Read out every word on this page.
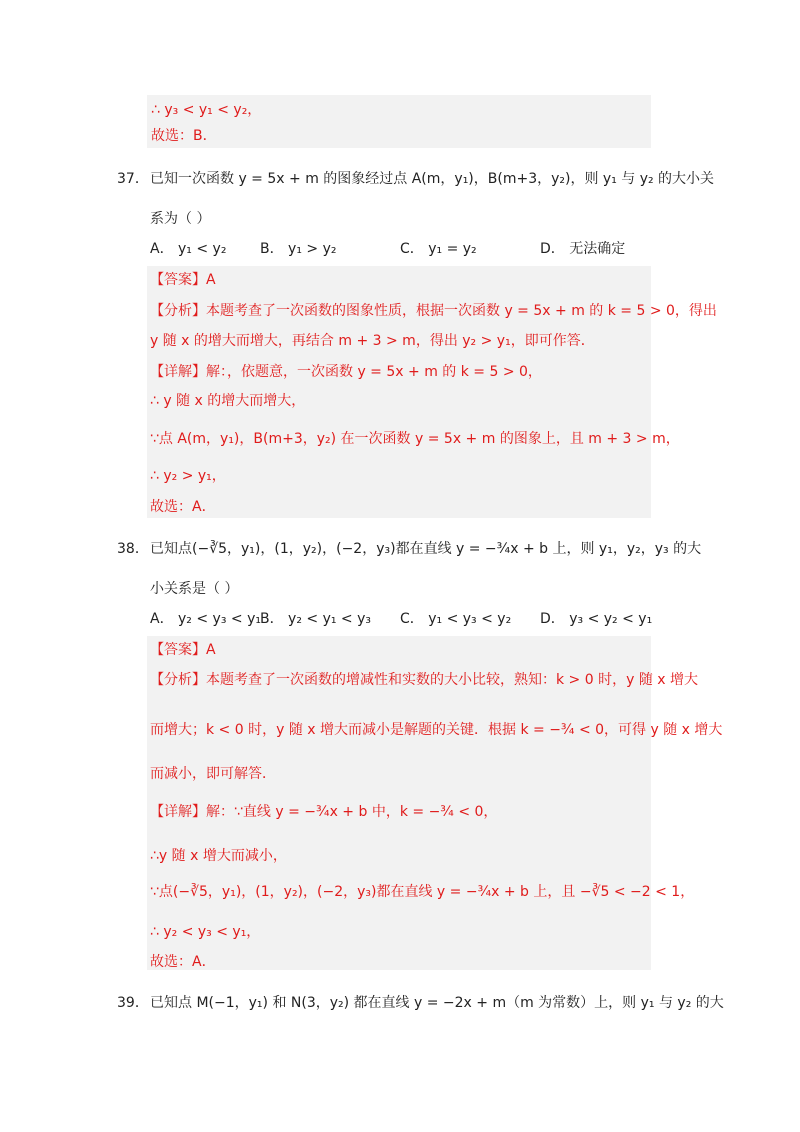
∴ y₃ < y₁ < y₂，
故选：B．
37． 已知一次函数 y = 5x + m 的图象经过点 A(m，y₁)，B(m+3，y₂)，则 y₁ 与 y₂ 的大小关
系为（ ）
A． y₁ < y₂ B． y₁ > y₂	C． y₁ = y₂	D． 无法确定
【答案】A
【分析】本题考查了一次函数的图象性质，根据一次函数 y = 5x + m 的 k = 5 > 0，得出
y 随 x 的增大而增大，再结合 m + 3 > m，得出 y₂ > y₁，即可作答．
【详解】解：，依题意，一次函数 y = 5x + m 的 k = 5 > 0，
∴ y 随 x 的增大而增大，
∵点 A(m，y₁)，B(m+3，y₂) 在一次函数 y = 5x + m 的图象上，且 m + 3 > m，
∴ y₂ > y₁，
故选：A．
38． 已知点(−∛5，y₁)，(1，y₂)，(−2，y₃)都在直线 y = −¾x + b 上，则 y₁，y₂，y₃ 的大
小关系是（ ）
A． y₂ < y₃ < y₁ B． y₂ < y₁ < y₃ C． y₁ < y₃ < y₂ D． y₃ < y₂ < y₁
【答案】A
【分析】本题考查了一次函数的增减性和实数的大小比较，熟知：k > 0 时，y 随 x 增大
而增大；k < 0 时，y 随 x 增大而减小是解题的关键．根据 k = −¾ < 0，可得 y 随 x 增大
而减小，即可解答．
【详解】解：∵直线 y = −¾x + b 中，k = −¾ < 0，
∴y 随 x 增大而减小，
∵点(−∛5，y₁)，(1，y₂)，(−2，y₃)都在直线 y = −¾x + b 上，且 −∛5 < −2 < 1，
∴ y₂ < y₃ < y₁，
故选：A．
39． 已知点 M(−1，y₁) 和 N(3，y₂) 都在直线 y = −2x + m（m 为常数）上，则 y₁ 与 y₂ 的大
